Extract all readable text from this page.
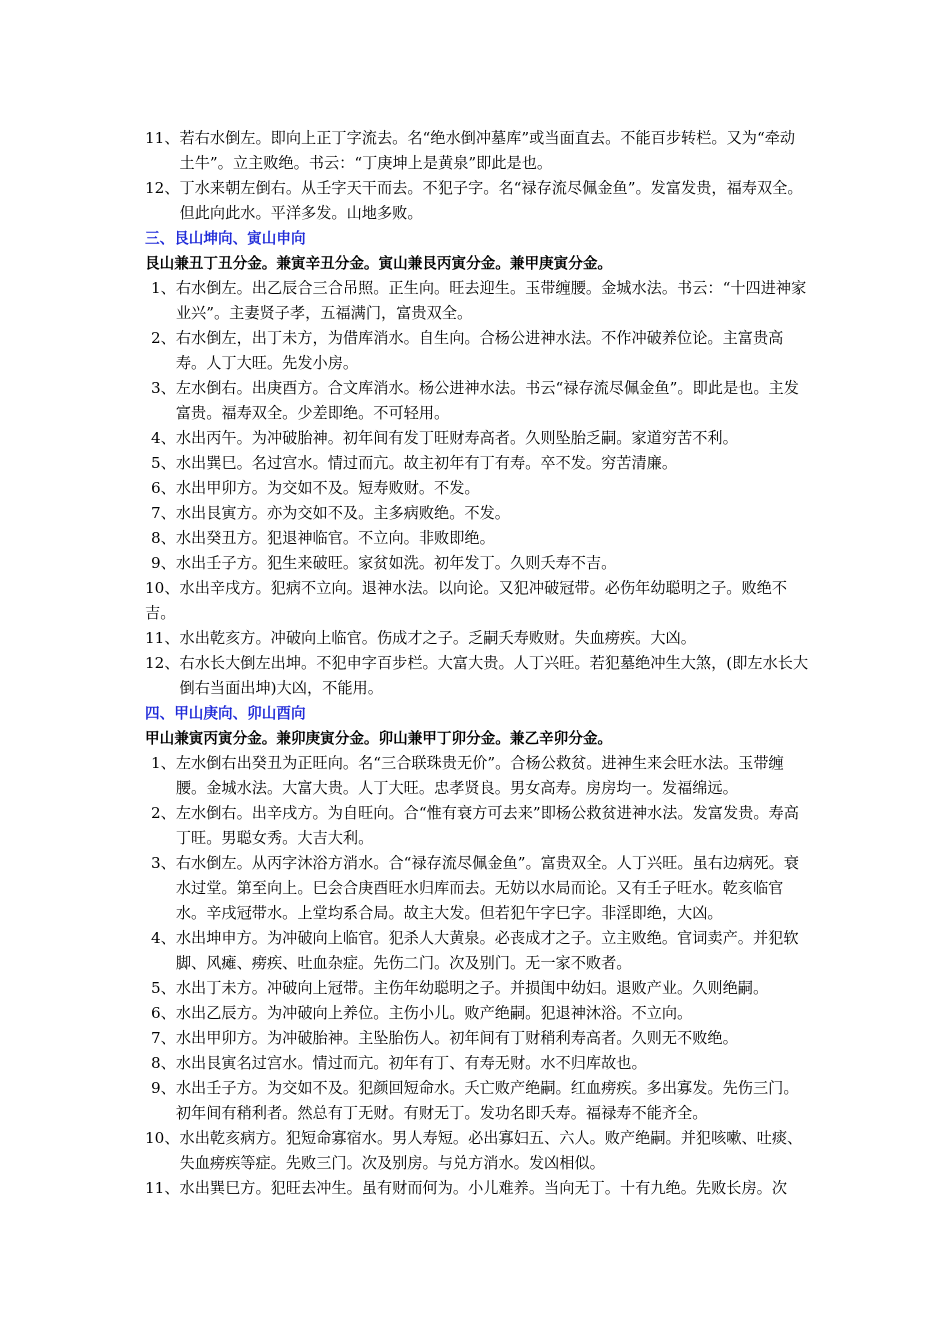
11、 若右水倒左。即向上正丁字流去。名“绝水倒冲墓库”或当面直去。不能百步转栏。又为“牵动土牛”。立主败绝。书云：“丁庚坤上是黄泉”即此是也。
12、 丁水来朝左倒右。从壬字天干而去。不犯子字。名“禄存流尽佩金鱼”。发富发贵，福寿双全。但此向此水。平洋多发。山地多败。
三、艮山坤向、寅山申向
艮山兼丑丁丑分金。兼寅辛丑分金。寅山兼艮丙寅分金。兼甲庚寅分金。
1、 右水倒左。出乙辰合三合吊照。正生向。旺去迎生。玉带缠腰。金城水法。书云：“十四进神家业兴”。主妻贤子孝，五福满门，富贵双全。
2、 右水倒左，出丁未方，为借库消水。自生向。合杨公进神水法。不作冲破养位论。主富贵高寿。人丁大旺。先发小房。
3、 左水倒右。出庚酉方。合文库消水。杨公进神水法。书云“禄存流尽佩金鱼”。即此是也。主发富贵。福寿双全。少差即绝。不可轻用。
4、 水出丙午。为冲破胎神。初年间有发丁旺财寿高者。久则坠胎乏嗣。家道穷苦不利。
5、 水出巽巳。名过宫水。情过而亢。故主初年有丁有寿。卒不发。穷苦清廉。
6、 水出甲卯方。为交如不及。短寿败财。不发。
7、 水出艮寅方。亦为交如不及。主多病败绝。不发。
8、 水出癸丑方。犯退神临官。不立向。非败即绝。
9、 水出壬子方。犯生来破旺。家贫如洗。初年发丁。久则夭寿不吉。
10、水出辛戌方。犯病不立向。退神水法。以向论。又犯冲破冠带。必伤年幼聪明之子。败绝不吉。
11、 水出乾亥方。冲破向上临官。伤成才之子。乏嗣夭寿败财。失血痨疾。大凶。
12、 右水长大倒左出坤。不犯申字百步栏。大富大贵。人丁兴旺。若犯墓绝冲生大煞，(即左水长大倒右当面出坤)大凶，不能用。
四、甲山庚向、卯山酉向
甲山兼寅丙寅分金。兼卯庚寅分金。卯山兼甲丁卯分金。兼乙辛卯分金。
1、 左水倒右出癸丑为正旺向。名“三合联珠贵无价”。合杨公救贫。进神生来会旺水法。玉带缠腰。金城水法。大富大贵。人丁大旺。忠孝贤良。男女高寿。房房均一。发福绵远。
2、 左水倒右。出辛戌方。为自旺向。合“惟有衰方可去来”即杨公救贫进神水法。发富发贵。寿高丁旺。男聪女秀。大吉大利。
3、 右水倒左。从丙字沐浴方消水。合“禄存流尽佩金鱼”。富贵双全。人丁兴旺。虽右边病死。衰水过堂。第至向上。巳会合庚酉旺水归库而去。无妨以水局而论。又有壬子旺水。乾亥临官水。辛戌冠带水。上堂均系合局。故主大发。但若犯午字巳字。非淫即绝，大凶。
4、 水出坤申方。为冲破向上临官。犯杀人大黄泉。必丧成才之子。立主败绝。官词卖产。并犯软脚、风瘫、痨疾、吐血杂症。先伤二门。次及别门。无一家不败者。
5、 水出丁未方。冲破向上冠带。主伤年幼聪明之子。并损闺中幼妇。退败产业。久则绝嗣。
6、 水出乙辰方。为冲破向上养位。主伤小儿。败产绝嗣。犯退神沐浴。不立向。
7、 水出甲卯方。为冲破胎神。主坠胎伤人。初年间有丁财稍利寿高者。久则无不败绝。
8、 水出艮寅名过宫水。情过而亢。初年有丁、有寿无财。水不归库故也。
9、 水出壬子方。为交如不及。犯颜回短命水。夭亡败产绝嗣。红血痨疾。多出寡发。先伤三门。初年间有稍利者。然总有丁无财。有财无丁。发功名即夭寿。福禄寿不能齐全。
10、 水出乾亥病方。犯短命寡宿水。男人寿短。必出寡妇五、六人。败产绝嗣。并犯咳嗽、吐痰、失血痨疾等症。先败三门。次及别房。与兑方消水。发凶相似。
11、水出巽巳方。犯旺去冲生。虽有财而何为。小儿难养。当向无丁。十有九绝。先败长房。次
